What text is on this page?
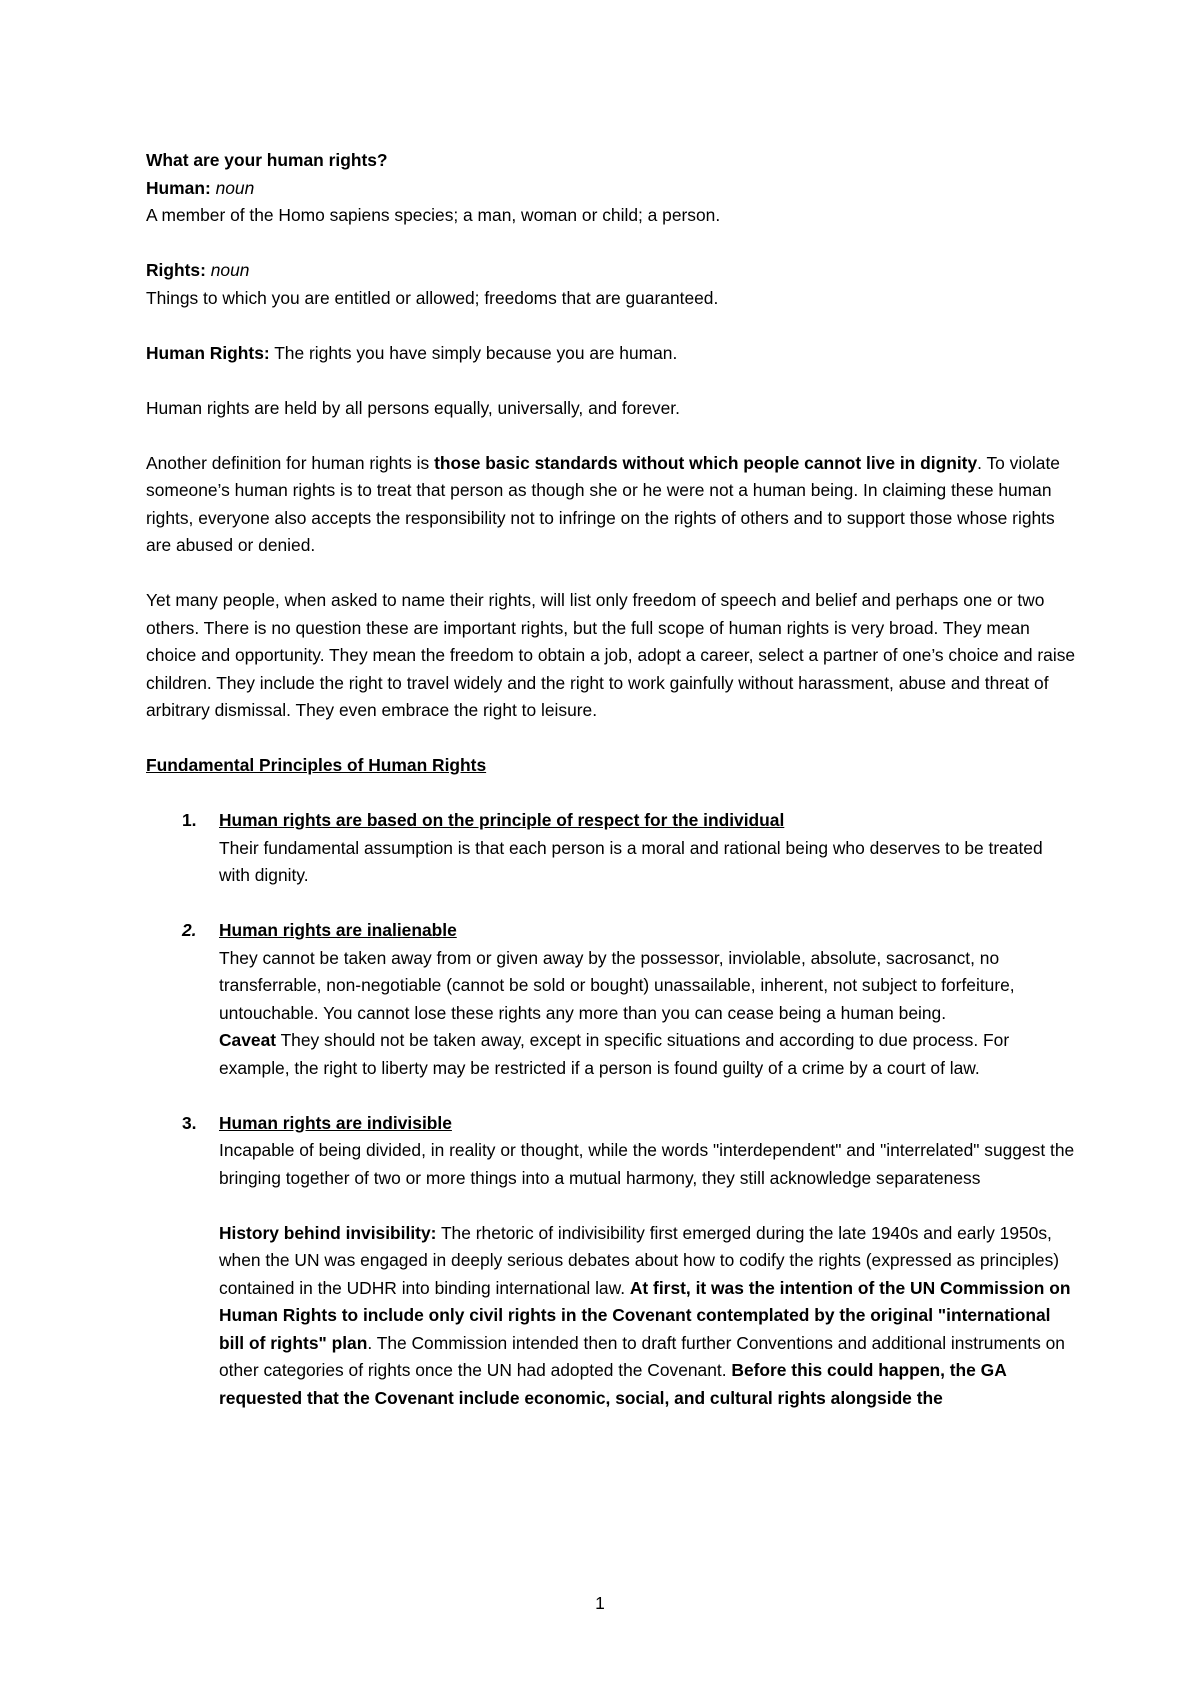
What are your human rights?

Human: noun

A member of the Homo sapiens species; a man, woman or child; a person.

Rights: noun

Things to which you are entitled or allowed; freedoms that are guaranteed.

Human Rights: The rights you have simply because you are human.

Human rights are held by all persons equally, universally, and forever.

Another definition for human rights is those basic standards without which people cannot live in dignity. To violate someone’s human rights is to treat that person as though she or he were not a human being. In claiming these human rights, everyone also accepts the responsibility not to infringe on the rights of others and to support those whose rights are abused or denied.

Yet many people, when asked to name their rights, will list only freedom of speech and belief and perhaps one or two others. There is no question these are important rights, but the full scope of human rights is very broad. They mean choice and opportunity. They mean the freedom to obtain a job, adopt a career, select a partner of one’s choice and raise children. They include the right to travel widely and the right to work gainfully without harassment, abuse and threat of arbitrary dismissal. They even embrace the right to leisure.

Fundamental Principles of Human Rights

1. Human rights are based on the principle of respect for the individual

Their fundamental assumption is that each person is a moral and rational being who deserves to be treated with dignity.

2. Human rights are inalienable

They cannot be taken away from or given away by the possessor, inviolable, absolute, sacrosanct, no transferrable, non-negotiable (cannot be sold or bought) unassailable, inherent, not subject to forfeiture, untouchable. You cannot lose these rights any more than you can cease being a human being.

Caveat They should not be taken away, except in specific situations and according to due process. For example, the right to liberty may be restricted if a person is found guilty of a crime by a court of law.

3. Human rights are indivisible

Incapable of being divided, in reality or thought, while the words "interdependent" and "interrelated" suggest the bringing together of two or more things into a mutual harmony, they still acknowledge separateness

History behind invisibility: The rhetoric of indivisibility first emerged during the late 1940s and early 1950s, when the UN was engaged in deeply serious debates about how to codify the rights (expressed as principles) contained in the UDHR into binding international law. At first, it was the intention of the UN Commission on Human Rights to include only civil rights in the Covenant contemplated by the original "international bill of rights" plan. The Commission intended then to draft further Conventions and additional instruments on other categories of rights once the UN had adopted the Covenant. Before this could happen, the GA requested that the Covenant include economic, social, and cultural rights alongside the

1
